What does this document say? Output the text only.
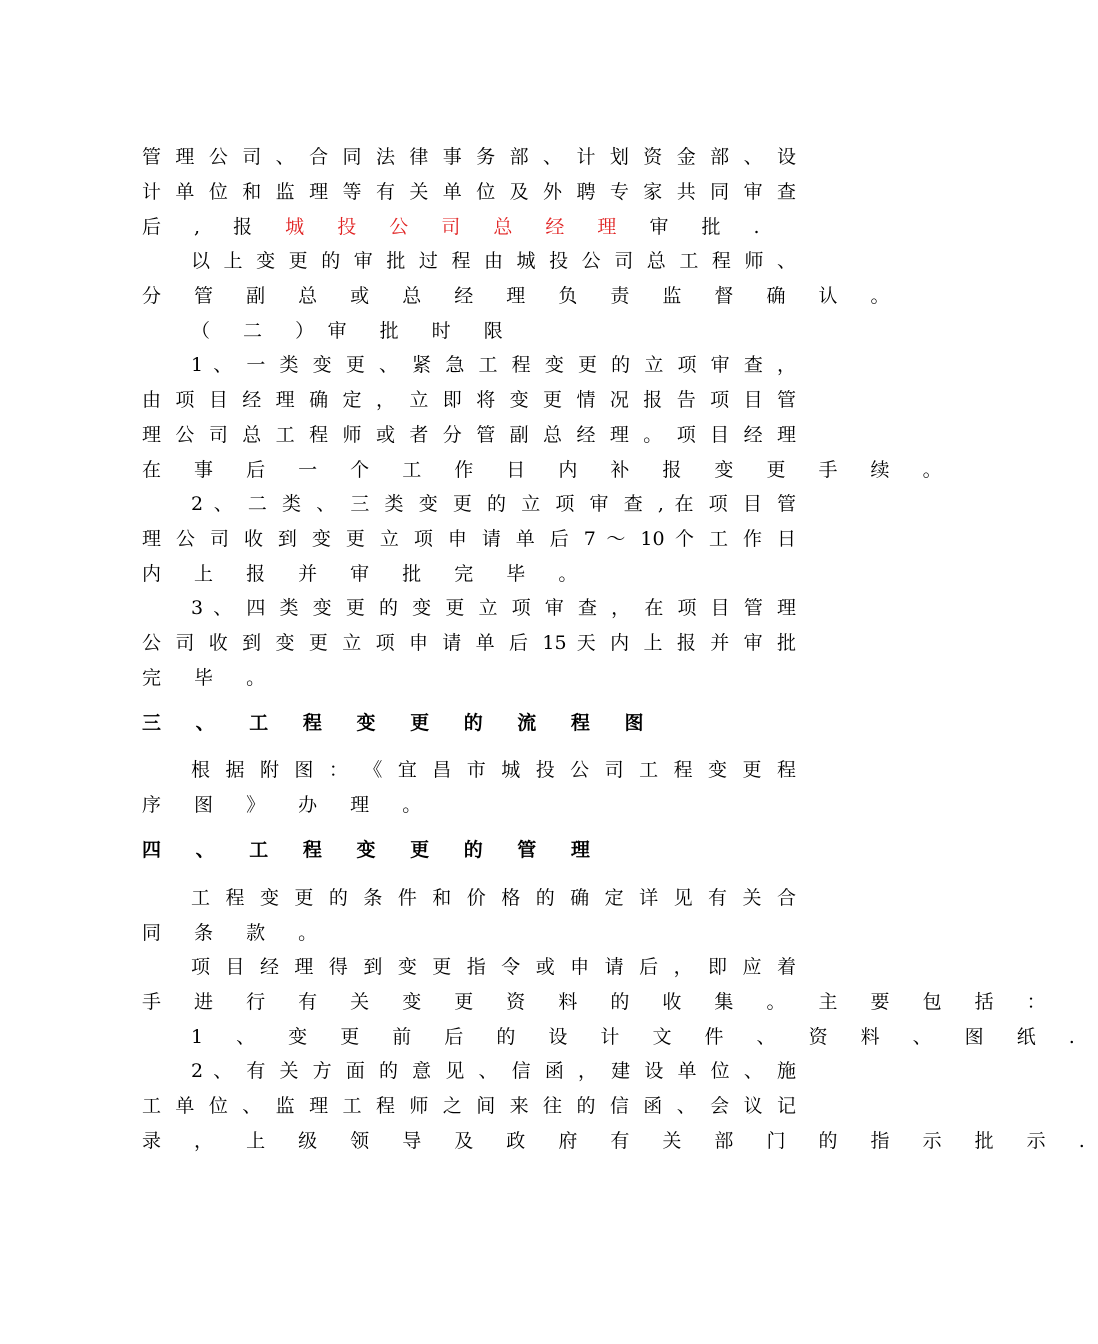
管 理 公 司 、 合 同 法 律 事 务 部 、 计 划 资 金 部 、 设
计 单 位 和 监 理 等 有 关 单 位 及 外 聘 专 家 共 同 审 查
后 , 报 城 投 公 司 总 经 理 审 批 .
以 上 变 更 的 审 批 过 程 由 城 投 公 司 总 工 程 师 、
分 管 副 总 或 总 经 理 负 责 监 督 确 认 。
（ 二 ）审 批 时 限
1 、 一 类 变 更 、 紧 急 工 程 变 更 的 立 项 审 查 ，
由 项 目 经 理 确 定 ， 立 即 将 变 更 情 况 报 告 项 目 管
理 公 司 总 工 程 师 或 者 分 管 副 总 经 理 。 项 目 经 理
在 事 后 一 个 工 作 日 内 补 报 变 更 手 续 。
2 、 二 类 、 三 类 变 更 的 立 项 审 查 , 在 项 目 管
理 公 司 收 到 变 更 立 项 申 请 单 后 7 ～ 10 个 工 作 日
内 上 报 并 审 批 完 毕 。
3 、 四 类 变 更 的 变 更 立 项 审 查 ， 在 项 目 管 理
公 司 收 到 变 更 立 项 申 请 单 后 15 天 内 上 报 并 审 批
完 毕 。
三 、 工 程 变 更 的 流 程 图
根 据 附 图 ： 《 宜 昌 市 城 投 公 司 工 程 变 更 程
序 图 》 办 理 。
四 、 工 程 变 更 的 管 理
工 程 变 更 的 条 件 和 价 格 的 确 定 详 见 有 关 合
同 条 款 。
项 目 经 理 得 到 变 更 指 令 或 申 请 后 ， 即 应 着
手 进 行 有 关 变 更 资 料 的 收 集 。 主 要 包 括 ：
1 、 变 更 前 后 的 设 计 文 件 、 资 料 、 图 纸 .
2 、 有 关 方 面 的 意 见 、 信 函 ， 建 设 单 位 、 施
工 单 位 、 监 理 工 程 师 之 间 来 往 的 信 函 、 会 议 记
录 ， 上 级 领 导 及 政 府 有 关 部 门 的 指 示 批 示 .
